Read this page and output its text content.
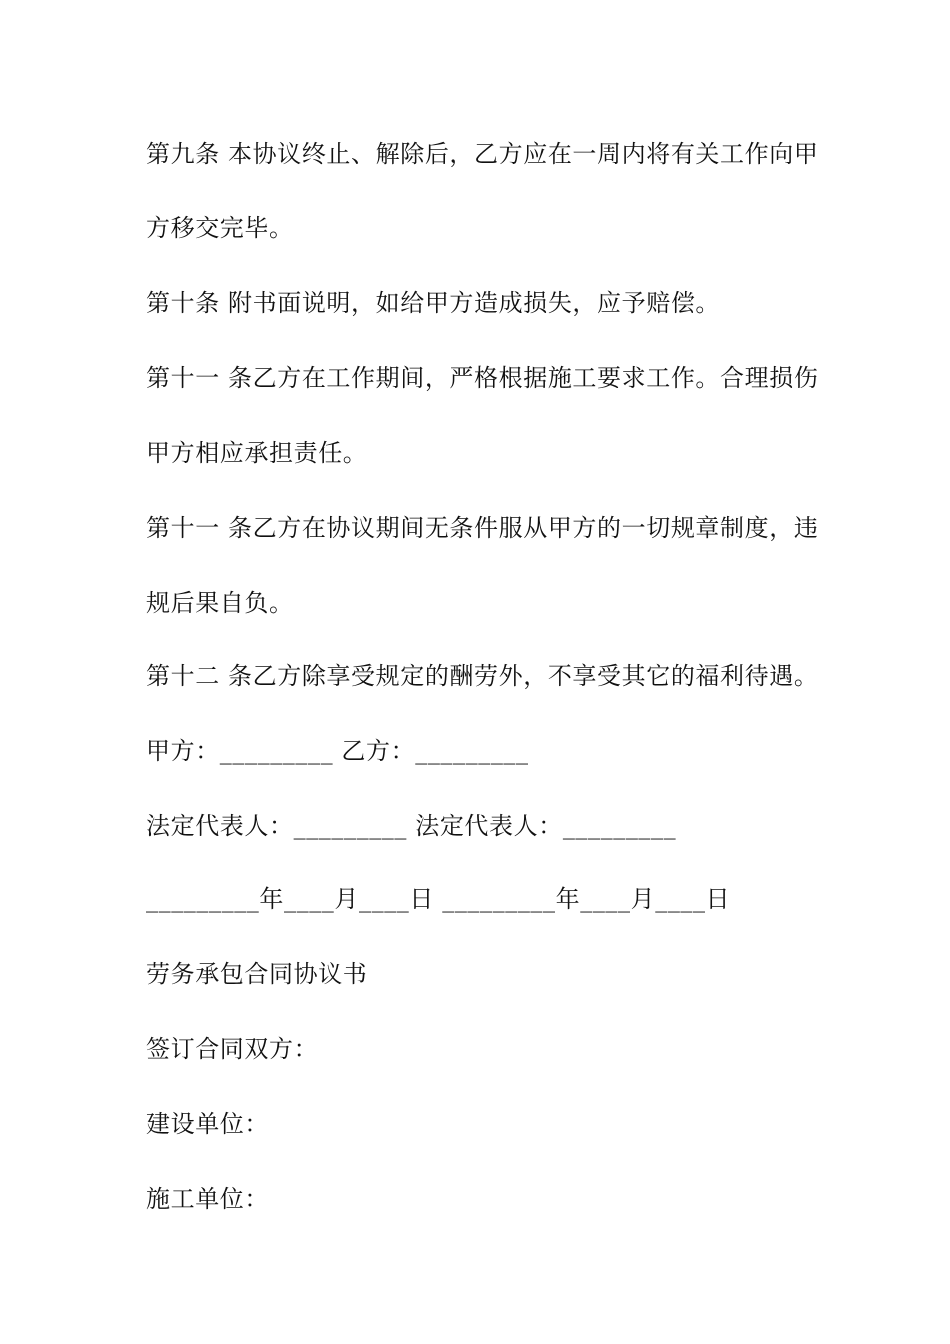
第九条 本协议终止、解除后，乙方应在一周内将有关工作向甲
方移交完毕。
第十条 附书面说明，如给甲方造成损失，应予赔偿。
第十一 条乙方在工作期间，严格根据施工要求工作。合理损伤
甲方相应承担责任。
第十一 条乙方在协议期间无条件服从甲方的一切规章制度，违
规后果自负。
第十二 条乙方除享受规定的酬劳外，不享受其它的福利待遇。
甲方：_________ 乙方：_________
法定代表人：_________ 法定代表人：_________
_________年____月____日 _________年____月____日
劳务承包合同协议书
签订合同双方：
建设单位：
施工单位：
